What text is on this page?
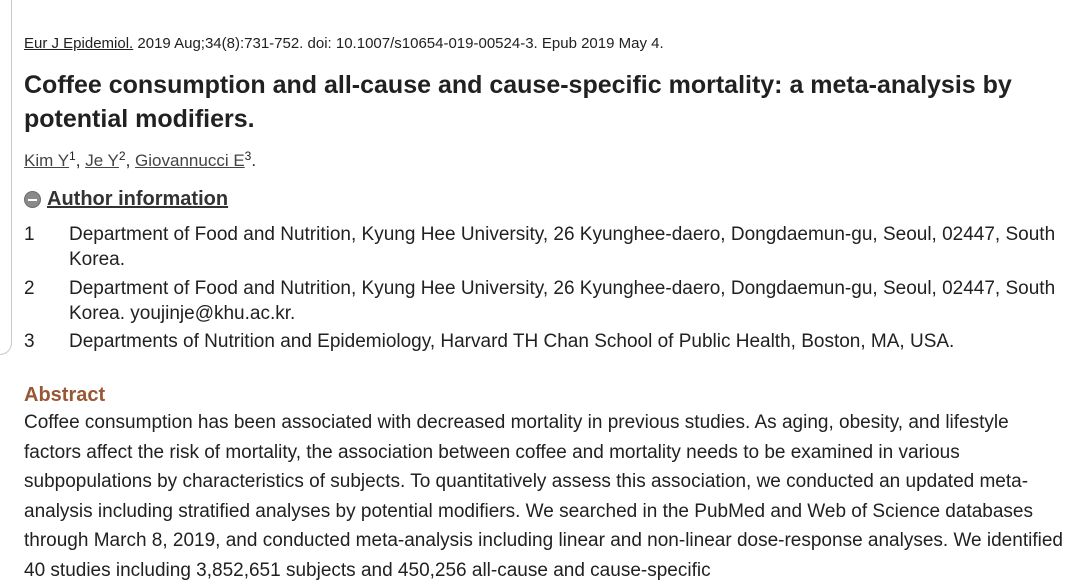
Eur J Epidemiol. 2019 Aug;34(8):731-752. doi: 10.1007/s10654-019-00524-3. Epub 2019 May 4.
Coffee consumption and all-cause and cause-specific mortality: a meta-analysis by potential modifiers.
Kim $Y^1$, Je $Y^2$, Giovannucci $E^3$.
Author information
1 Department of Food and Nutrition, Kyung Hee University, 26 Kyunghee-daero, Dongdaemun-gu, Seoul, 02447, South Korea.
2 Department of Food and Nutrition, Kyung Hee University, 26 Kyunghee-daero, Dongdaemun-gu, Seoul, 02447, South Korea. youjinje@khu.ac.kr.
3 Departments of Nutrition and Epidemiology, Harvard TH Chan School of Public Health, Boston, MA, USA.
Abstract

Coffee consumption has been associated with decreased mortality in previous studies. As aging, obesity, and lifestyle factors affect the risk of mortality, the association between coffee and mortality needs to be examined in various subpopulations by characteristics of subjects. To quantitatively assess this association, we conducted an updated meta-analysis including stratified analyses by potential modifiers. We searched in the PubMed and Web of Science databases through March 8, 2019, and conducted meta-analysis including linear and non-linear dose-response analyses. We identified 40 studies including 3,852,651 subjects and 450,256 all-cause and cause-specific
